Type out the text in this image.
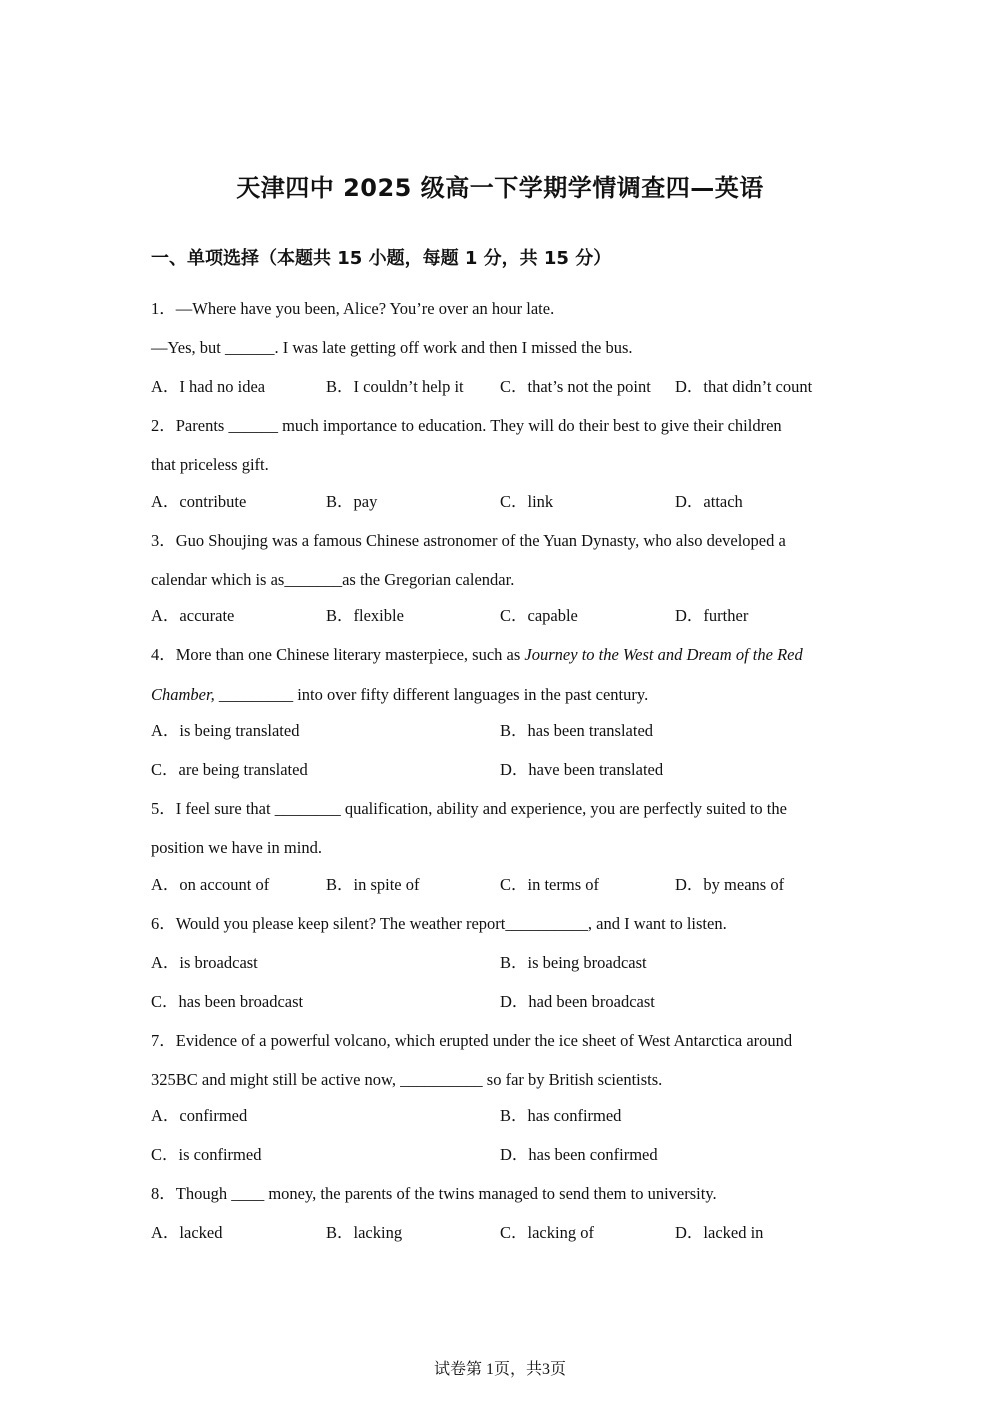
天津四中 2025 级高一下学期学情调查四—英语
一、单项选择（本题共 15 小题，每题 1 分，共 15 分）
1．—Where have you been, Alice? You’re over an hour late.
—Yes, but ______. I was late getting off work and then I missed the bus.
A．I had no idea	B．I couldn’t help it C．that’s not the point D．that didn’t count
2．Parents ______ much importance to education. They will do their best to give their children
that priceless gift.
A．contribute	B．pay	C．link	D．attach
3．Guo Shoujing was a famous Chinese astronomer of the Yuan Dynasty, who also developed a
calendar which is as_______as the Gregorian calendar.
A．accurate	B．flexible	C．capable	D．further
4．More than one Chinese literary masterpiece, such as Journey to the West and Dream of the Red
Chamber, _________ into over fifty different languages in the past century.
A．is being translated	B．has been translated
C．are being translated	D．have been translated
5．I feel sure that ________ qualification, ability and experience, you are perfectly suited to the
position we have in mind.
A．on account of	B．in spite of	C．in terms of	D．by means of
6．Would you please keep silent? The weather report__________, and I want to listen.
A．is broadcast	B．is being broadcast
C．has been broadcast	D．had been broadcast
7．Evidence of a powerful volcano, which erupted under the ice sheet of West Antarctica around
325BC and might still be active now, __________ so far by British scientists.
A．confirmed	B．has confirmed
C．is confirmed	D．has been confirmed
8．Though ____ money, the parents of the twins managed to send them to university.
A．lacked	B．lacking	C．lacking of	D．lacked in
试卷第 1页，共3页
